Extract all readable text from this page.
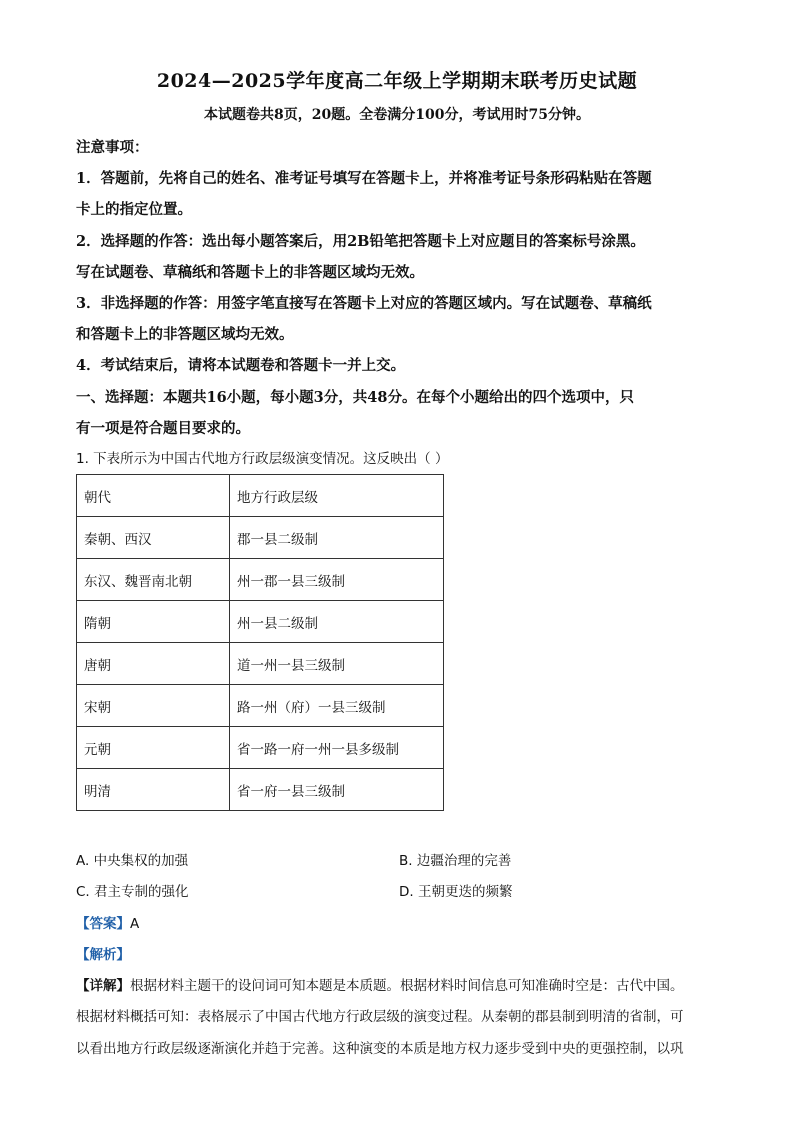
2024—2025学年度高二年级上学期期末联考历史试题
本试题卷共8页，20题。全卷满分100分，考试用时75分钟。
注意事项：
1．答题前，先将自己的姓名、准考证号填写在答题卡上，并将准考证号条形码粘贴在答题
卡上的指定位置。
2．选择题的作答：选出每小题答案后，用2B铅笔把答题卡上对应题目的答案标号涂黑。
写在试题卷、草稿纸和答题卡上的非答题区域均无效。
3．非选择题的作答：用签字笔直接写在答题卡上对应的答题区域内。写在试题卷、草稿纸
和答题卡上的非答题区域均无效。
4．考试结束后，请将本试题卷和答题卡一并上交。
一、选择题：本题共16小题，每小题3分，共48分。在每个小题给出的四个选项中，只
有一项是符合题目要求的。
1. 下表所示为中国古代地方行政层级演变情况。这反映出（ ）
朝代	地方行政层级
秦朝、西汉	郡一县二级制
东汉、魏晋南北朝	州一郡一县三级制
隋朝	州一县二级制
唐朝	道一州一县三级制
宋朝	路一州（府）一县三级制
元朝	省一路一府一州一县多级制
明清	省一府一县三级制
A. 中央集权的加强	B. 边疆治理的完善
C. 君主专制的强化	D. 王朝更迭的频繁
【答案】A
【解析】
【详解】根据材料主题干的设问词可知本题是本质题。根据材料时间信息可知准确时空是：古代中国。
根据材料概括可知：表格展示了中国古代地方行政层级的演变过程。从秦朝的郡县制到明清的省制，可
以看出地方行政层级逐渐演化并趋于完善。这种演变的本质是地方权力逐步受到中央的更强控制，以巩
